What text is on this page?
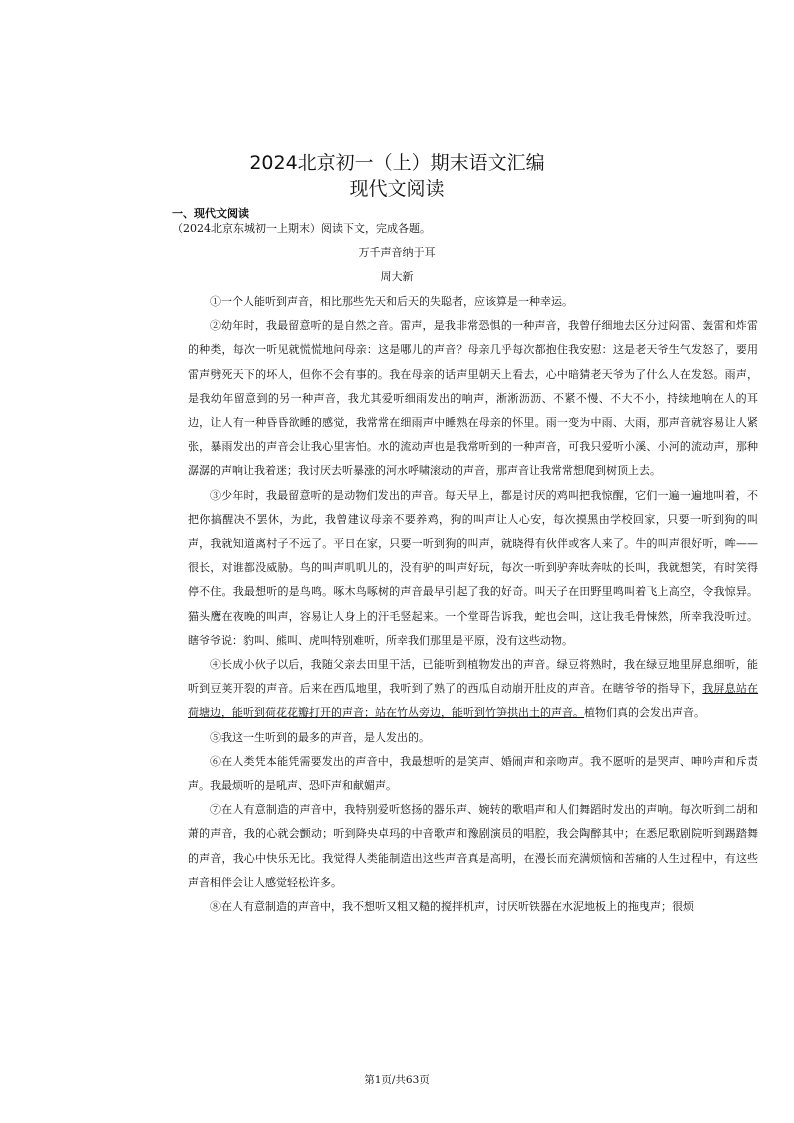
2024北京初一（上）期末语文汇编
现代文阅读
一、现代文阅读
（2024北京东城初一上期末）阅读下文，完成各题。
万千声音纳于耳
周大新

①一个人能听到声音，相比那些先天和后天的失聪者，应该算是一种幸运。

②幼年时，我最留意听的是自然之音。雷声，是我非常恐惧的一种声音，我曾仔细地去区分过闷雷、轰雷和炸雷的种类，每次一听见就慌慌地问母亲：这是哪儿的声音？母亲几乎每次都抱住我安慰：这是老天爷生气发怒了，要用雷声劈死天下的坏人，但你不会有事的。我在母亲的话声里朝天上看去，心中暗猜老天爷为了什么人在发怒。雨声，是我幼年留意到的另一种声音，我尤其爱听细雨发出的响声，淅淅沥沥、不紧不慢、不大不小，持续地响在人的耳边，让人有一种昏昏欲睡的感觉，我常常在细雨声中睡熟在母亲的怀里。雨一变为中雨、大雨，那声音就容易让人紧张，暴雨发出的声音会让我心里害怕。水的流动声也是我常听到的一种声音，可我只爱听小溪、小河的流动声，那种潺潺的声响让我着迷；我讨厌去听暴涨的河水呼啸滚动的声音，那声音让我常常想爬到树顶上去。

③少年时，我最留意听的是动物们发出的声音。每天早上，都是讨厌的鸡叫把我惊醒，它们一遍一遍地叫着，不把你搞醒决不罢休，为此，我曾建议母亲不要养鸡，狗的叫声让人心安，每次摸黑由学校回家，只要一听到狗的叫声，我就知道离村子不远了。平日在家，只要一听到狗的叫声，就晓得有伙伴或客人来了。牛的叫声很好听，哞——很长，对谁都没威胁。鸟的叫声叽叽儿的，没有驴的叫声好玩，每次一听到驴奔呔奔呔的长叫，我就想笑，有时笑得停不住。我最想听的是鸟鸣。啄木鸟啄树的声音最早引起了我的好奇。叫天子在田野里鸣叫着飞上高空，令我惊异。猫头鹰在夜晚的叫声，容易让人身上的汗毛竖起来。一个堂哥告诉我，蛇也会叫，这让我毛骨悚然，所幸我没听过。瞎爷爷说：豹叫、熊叫、虎叫特别难听，所幸我们那里是平原，没有这些动物。

④长成小伙子以后，我随父亲去田里干活，已能听到植物发出的声音。绿豆将熟时，我在绿豆地里屏息细听，能听到豆荚开裂的声音。后来在西瓜地里，我听到了熟了的西瓜自动崩开肚皮的声音。在瞎爷爷的指导下，我屏息站在荷塘边，能听到荷花花瓣打开的声音；站在竹丛旁边，能听到竹笋拱出土的声音。植物们真的会发出声音。

⑤我这一生听到的最多的声音，是人发出的。

⑥在人类凭本能凭需要发出的声音中，我最想听的是笑声、婚闹声和亲吻声。我不愿听的是哭声、呻吟声和斥责声。我最烦听的是吼声、恐吓声和献媚声。

⑦在人有意制造的声音中，我特别爱听悠扬的器乐声、婉转的歌唱声和人们舞蹈时发出的声响。每次听到二胡和萧的声音，我的心就会颤动；听到降央卓玛的中音歌声和豫剧演员的唱腔，我会陶醉其中；在悉尼歌剧院听到踢踏舞的声音，我心中快乐无比。我觉得人类能制造出这些声音真是高明，在漫长而充满烦恼和苦痛的人生过程中，有这些声音相伴会让人感觉轻松许多。

⑧在人有意制造的声音中，我不想听又粗又糙的搅拌机声，讨厌听铁器在水泥地板上的拖曳声；很烦

第1页/共63页
